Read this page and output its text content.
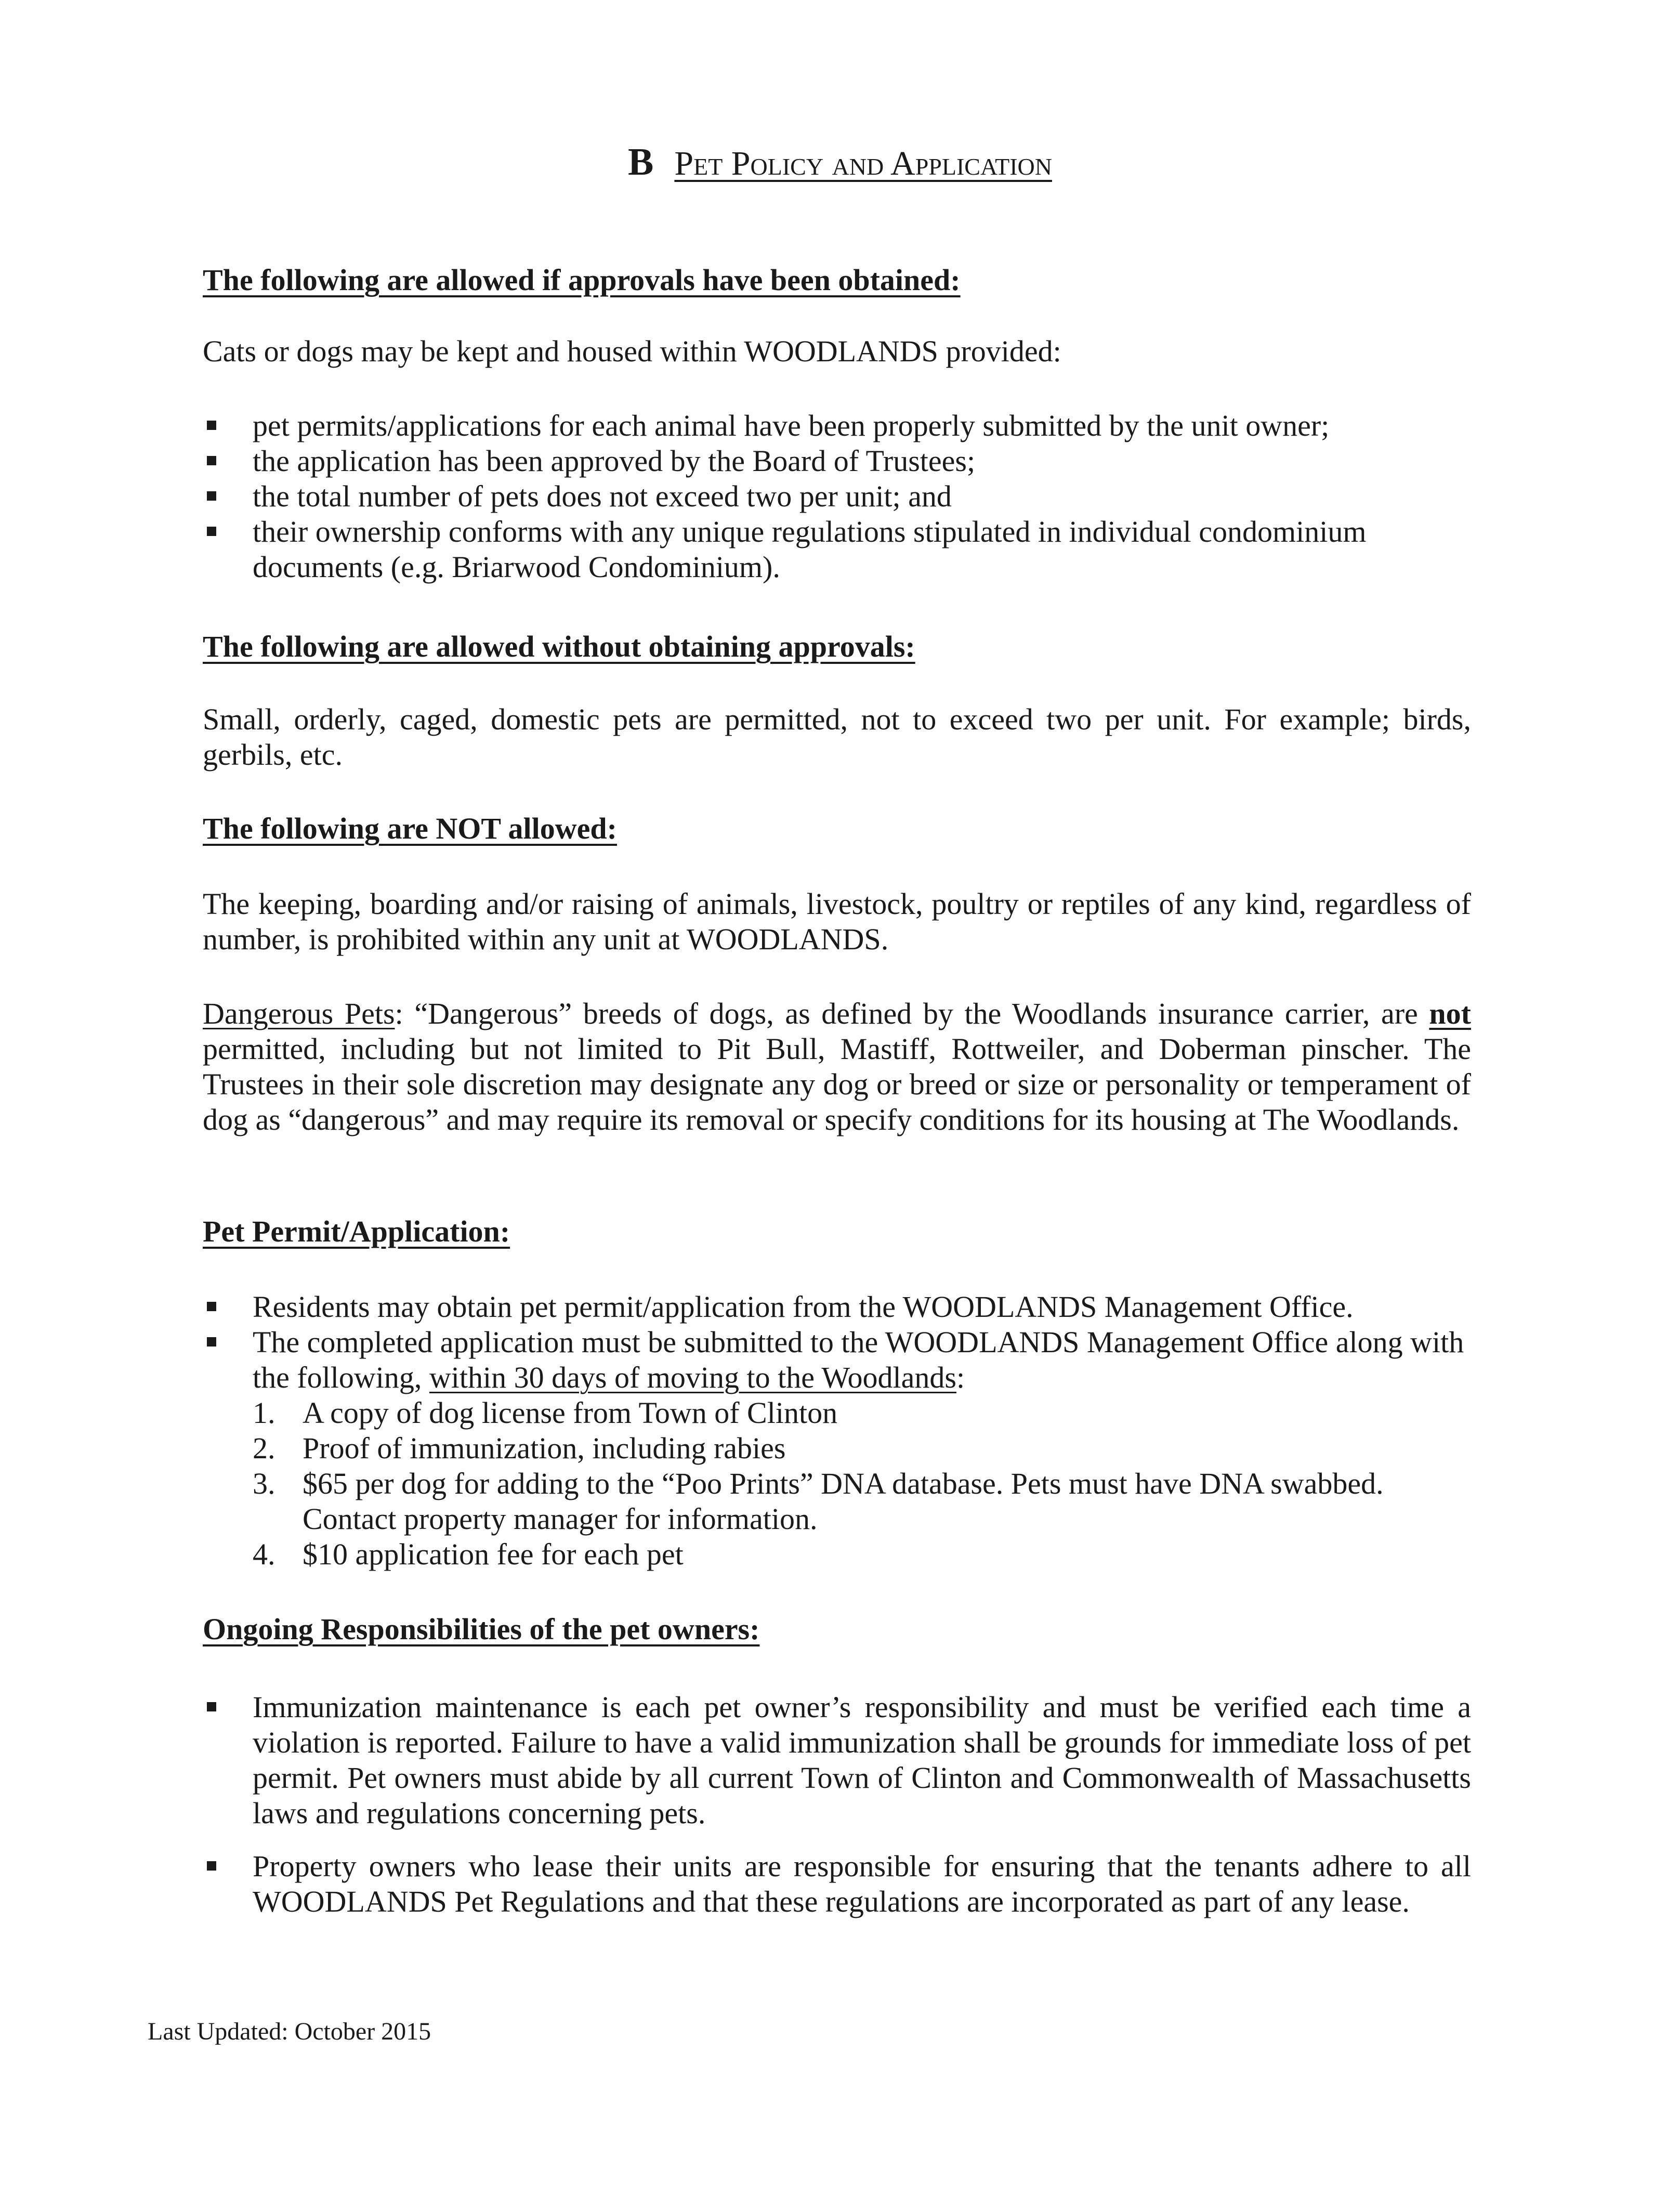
B Pet Policy and Application
The following are allowed if approvals have been obtained:
Cats or dogs may be kept and housed within WOODLANDS provided:
pet permits/applications for each animal have been properly submitted by the unit owner;
the application has been approved by the Board of Trustees;
the total number of pets does not exceed two per unit; and
their ownership conforms with any unique regulations stipulated in individual condominium documents (e.g. Briarwood Condominium).
The following are allowed without obtaining approvals:
Small, orderly, caged, domestic pets are permitted, not to exceed two per unit. For example; birds, gerbils, etc.
The following are NOT allowed:
The keeping, boarding and/or raising of animals, livestock, poultry or reptiles of any kind, regardless of number, is prohibited within any unit at WOODLANDS.
Dangerous Pets: “Dangerous” breeds of dogs, as defined by the Woodlands insurance carrier, are not permitted, including but not limited to Pit Bull, Mastiff, Rottweiler, and Doberman pinscher. The Trustees in their sole discretion may designate any dog or breed or size or personality or temperament of dog as “dangerous” and may require its removal or specify conditions for its housing at The Woodlands.
Pet Permit/Application:
Residents may obtain pet permit/application from the WOODLANDS Management Office.
The completed application must be submitted to the WOODLANDS Management Office along with the following, within 30 days of moving to the Woodlands:
1. A copy of dog license from Town of Clinton
2. Proof of immunization, including rabies
3. $65 per dog for adding to the “Poo Prints” DNA database. Pets must have DNA swabbed. Contact property manager for information.
4. $10 application fee for each pet
Ongoing Responsibilities of the pet owners:
Immunization maintenance is each pet owner’s responsibility and must be verified each time a violation is reported. Failure to have a valid immunization shall be grounds for immediate loss of pet permit. Pet owners must abide by all current Town of Clinton and Commonwealth of Massachusetts laws and regulations concerning pets.
Property owners who lease their units are responsible for ensuring that the tenants adhere to all WOODLANDS Pet Regulations and that these regulations are incorporated as part of any lease.
Last Updated: October 2015
